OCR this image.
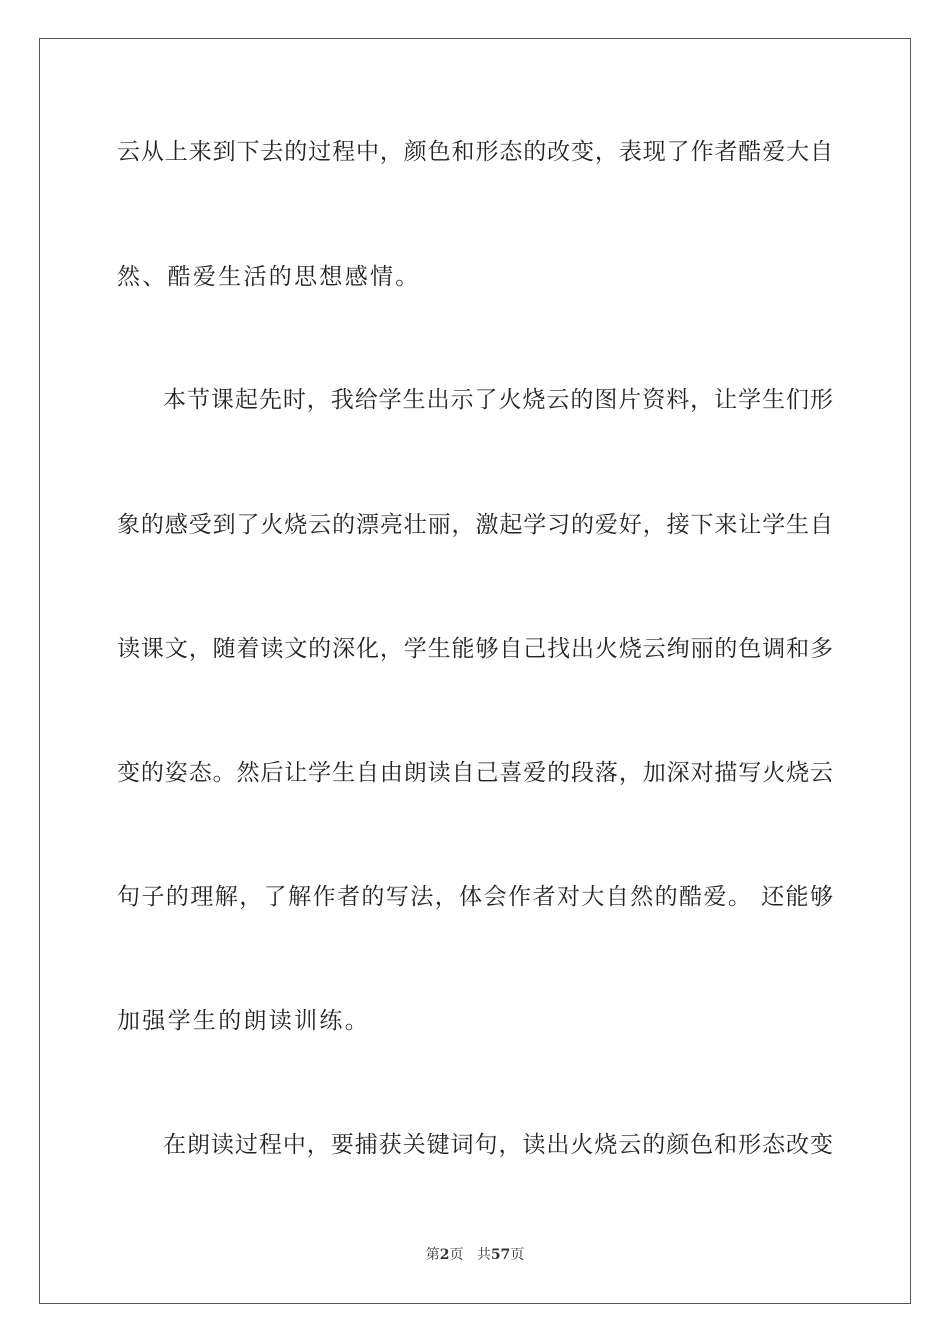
云从上来到下去的过程中，颜色和形态的改变，表现了作者酷爱大自
然、酷爱生活的思想感情。
本节课起先时，我给学生出示了火烧云的图片资料，让学生们形
象的感受到了火烧云的漂亮壮丽，激起学习的爱好，接下来让学生自
读课文，随着读文的深化，学生能够自己找出火烧云绚丽的色调和多
变的姿态。然后让学生自由朗读自己喜爱的段落，加深对描写火烧云
句子的理解，了解作者的写法，体会作者对大自然的酷爱。 还能够
加强学生的朗读训练。
在朗读过程中，要捕获关键词句，读出火烧云的颜色和形态改变
第2页 共57页
